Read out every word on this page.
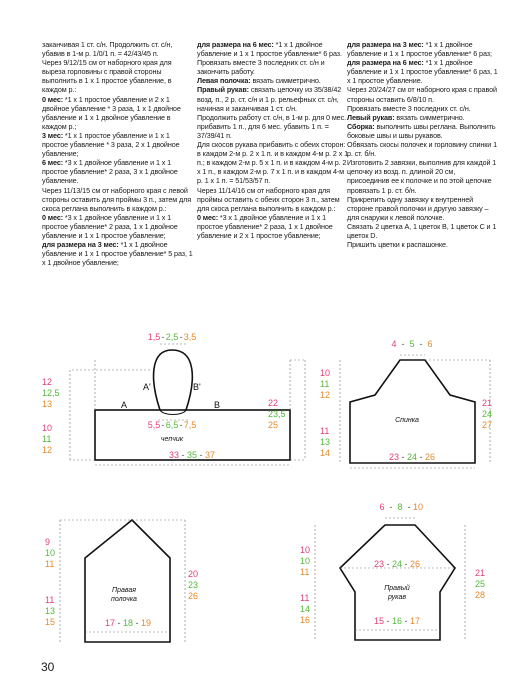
заканчивая 1 ст. с/н. Продолжить ст. с/н, убавив в 1-м р. 1/0/1 п. = 42/43/45 п.

Через 9/12/15 см от наборного края для выреза горловины с правой стороны выполнить в 1 х 1 простое убавление, в каждом р.:

0 мес: *1 х 1 простое убавление и 2 х 1 двойное убавление * 3 раза, 1 х 1 двойное убавление и 1 х 1 двойное убавление в каждом р.;

3 мес: *1 х 1 простое убавление и 1 х 1 простое убавление * 3 раза, 2 х 1 двойное убавление;

6 мес: *3 х 1 двойное убавление и 1 х 1 простое убавление* 2 раза, 3 х 1 двойное убавление.

Через 11/13/15 см от наборного края с левой стороны оставить для проймы 3 п., затем для скоса реглана выполнить в каждом р.:

0 мес: *3 х 1 двойное убавление и 1 х 1 простое убавление* 2 раза, 1 х 1 двойное убавление и 1 х 1 простое убавление;

для размера на 3 мес: *1 х 1 двойное убавление и 1 х 1 простое убавление* 5 раз, 1 х 1 двойное убавление;

для размера на 6 мес: *1 х 1 двойное убавление и 1 х 1 простое убавление* 6 раз.

Провязать вместе 3 последних ст. с/н и закончить работу.

Левая полочка: вязать симметрично.

Правый рукав: связать цепочку из 35/38/42 возд. п., 2 р. ст. с/н и 1 р. рельефных ст. с/н, начиная и заканчивая 1 ст. с/н.

Продолжить работу ст. с/н, в 1-м р. для 0 мес. прибавить 1 п., для 6 мес. убавить 1 п. = 37/39/41 п.

Для скосов рукава прибавить с обеих сторон: в каждом 2-м р. 2 х 1 п. и в каждом 4-м р. 2 х 1 п.; в каждом 2-м р. 5 х 1 п. и в каждом 4-м р. 2 х 1 п., в каждом 2-м р. 7 х 1 п. и в каждом 4-м р. 1 х 1 п. = 51/53/57 п.

Через 11/14/16 см от наборного края для проймы оставить с обеих сторон 3 п., затем для скоса реглана выполнить в каждом р.:

0 мес: *3 х 1 двойное убавление и 1 х 1 простое убавление* 2 раза, 1 х 1 двойное убавление и 2 х 1 простое убавление;

для размера на 3 мес: *1 х 1 двойное убавление и 1 х 1 простое убавление* 6 раз;

для размера на 6 мес: *1 х 1 двойное убавление и 1 х 1 простое убавление* 6 раз, 1 х 1 простое убавление.

Через 20/24/27 см от наборного края с правой стороны оставить 6/8/10 п.

Провязать вместе 3 последних ст. с/н.

Левый рукав: вязать симметрично.

Сборка: выполнить швы реглана. Выполнить боковые швы и швы рукавов.

Обвязать скосы полочек и горловину спинки 1 р. ст. б/н.

Изготовить 2 завязки, выполнив для каждой 1 цепочку из возд. п. длиной 20 см, присоединив ее к полочке и по этой цепочке провязать 1 р. ст. б/н.

Прикрепить одну завязку к внутренней стороне правой полочки и другую завязку – для снаружи к левой полочке.

Связать 2 цветка А, 1 цветок В, 1 цветок С и 1 цветок D.

Пришить цветки к распашонке.

12
12,5
13
10
11
12
22
23,5
25
33 - 35 - 37
1,5 - 2,5 - 3,5
5,5 - 6,5 - 7,5
A'	B'
A	B
чепчик
4 - 5 - 6
10
11
12
11
13
14
21
24
27
23 - 24 - 26
Спинка
9
10
11
11
13
15
20
23
26
17 - 18 - 19
Правая
полочка
6 - 8 - 10
10
10
11
11
14
16
21
25
28
23 - 24 - 26
15 - 16 - 17
Правый
рукав
30
